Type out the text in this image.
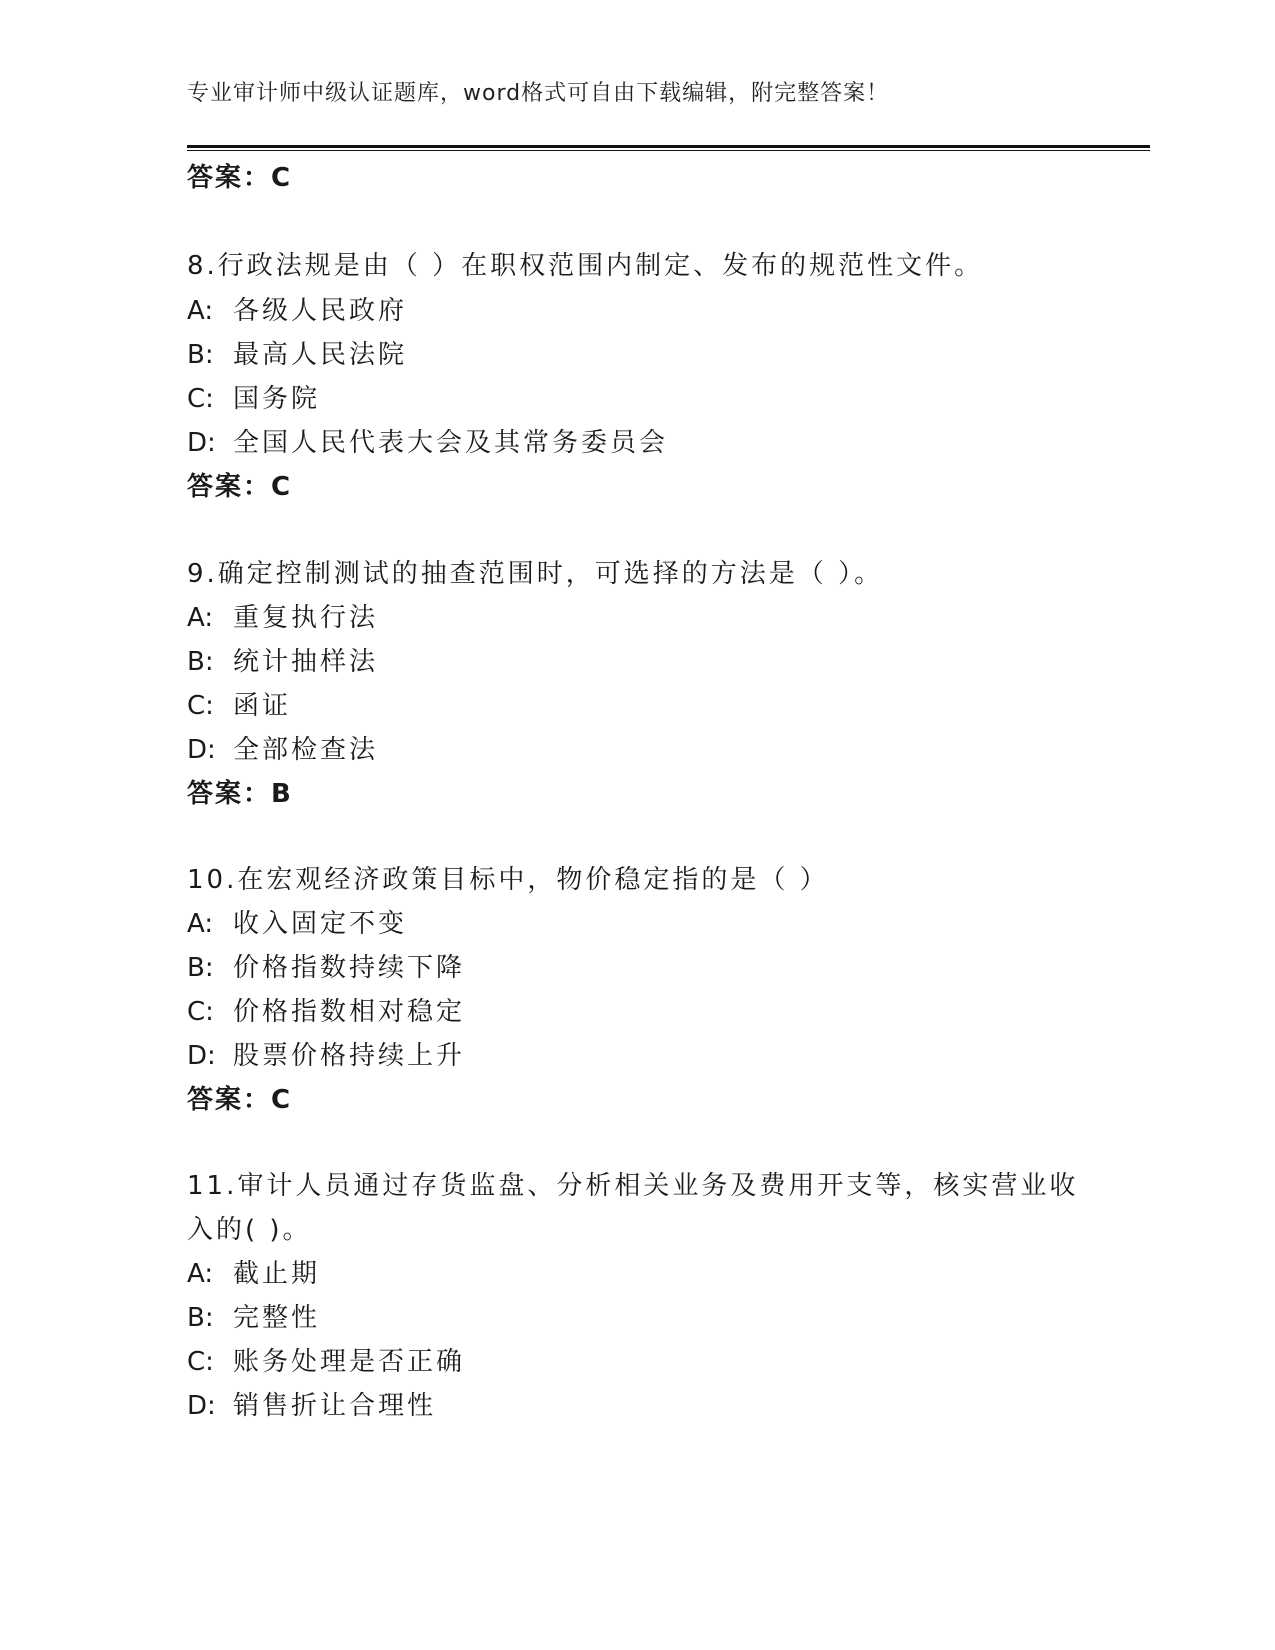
专业审计师中级认证题库，word格式可自由下载编辑，附完整答案！
答案：C
8.行政法规是由（ ）在职权范围内制定、发布的规范性文件。
A: 各级人民政府
B: 最高人民法院
C: 国务院
D: 全国人民代表大会及其常务委员会
答案：C
9.确定控制测试的抽查范围时，可选择的方法是（ ）。
A: 重复执行法
B: 统计抽样法
C: 函证
D: 全部检查法
答案：B
10.在宏观经济政策目标中，物价稳定指的是（ ）
A: 收入固定不变
B: 价格指数持续下降
C: 价格指数相对稳定
D: 股票价格持续上升
答案：C
11.审计人员通过存货监盘、分析相关业务及费用开支等，核实营业收
入的( )。
A: 截止期
B: 完整性
C: 账务处理是否正确
D: 销售折让合理性
